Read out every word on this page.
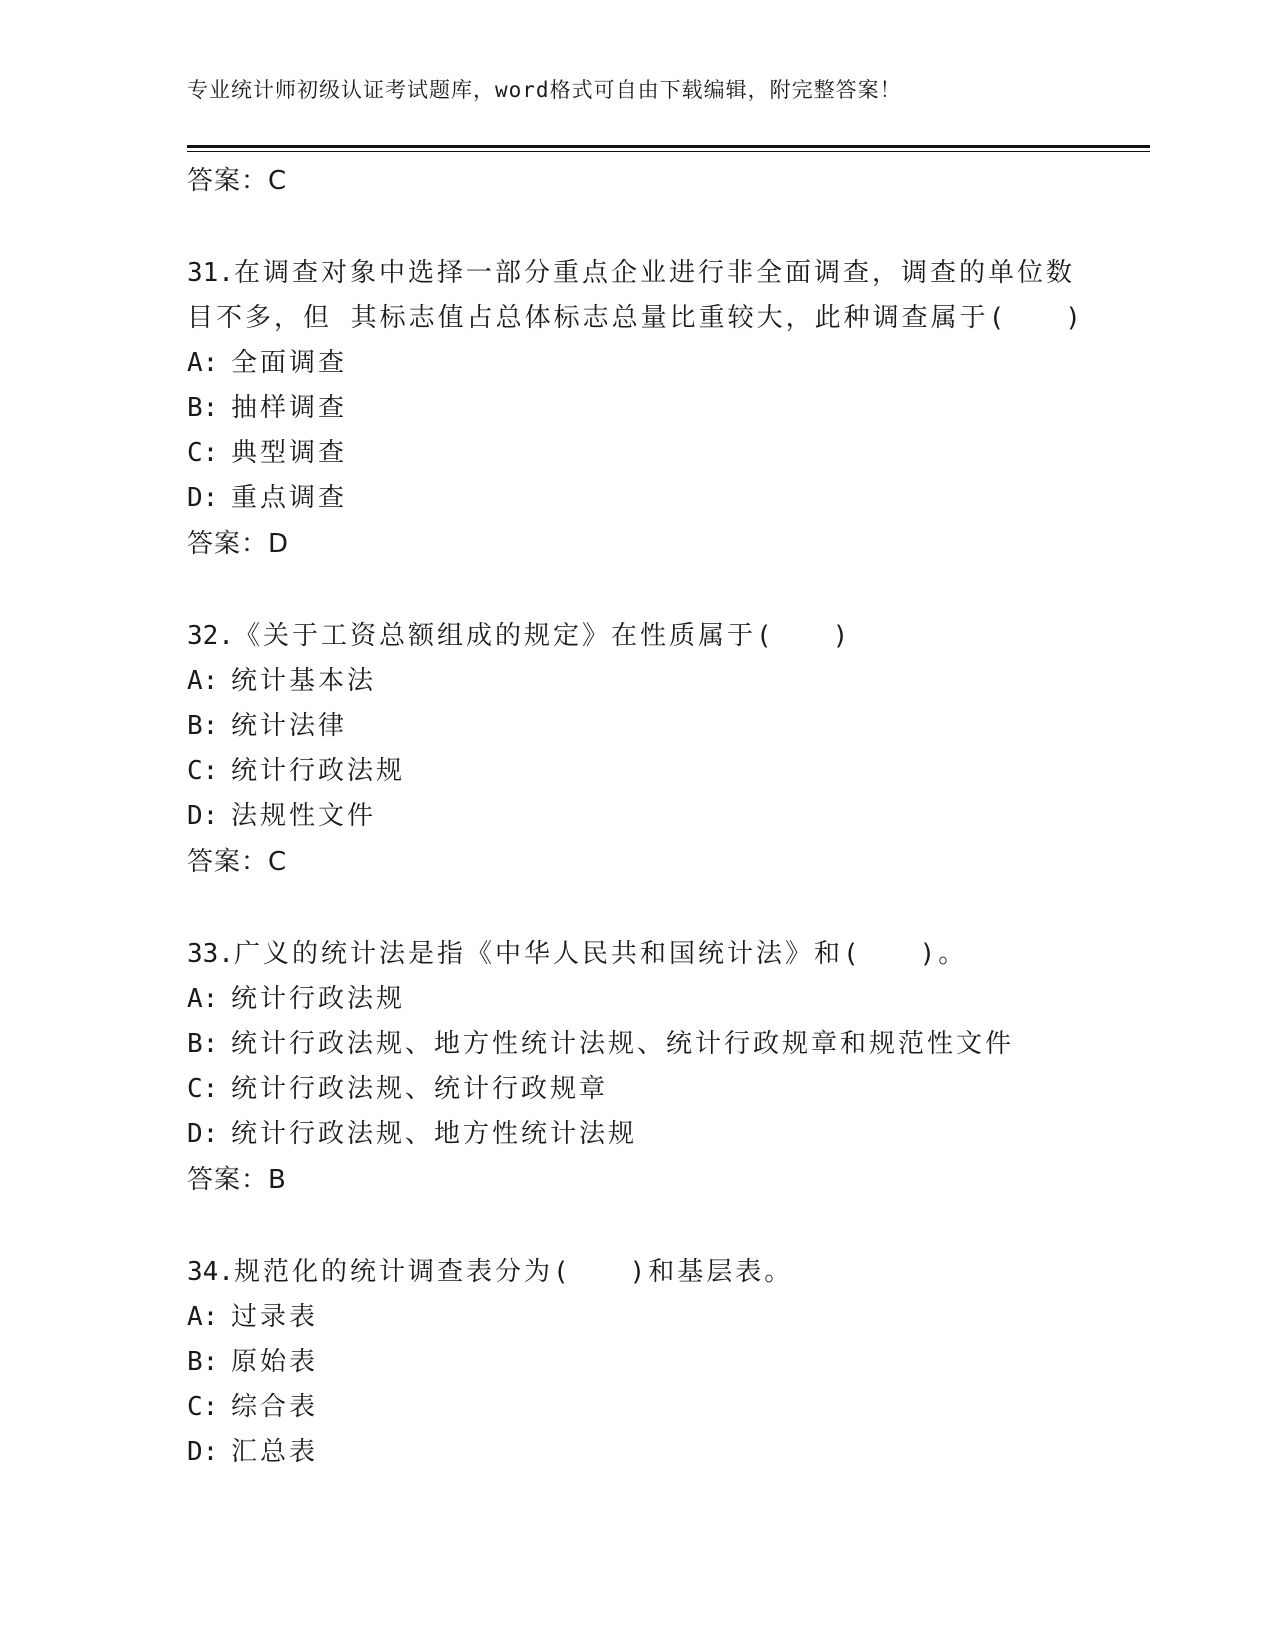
专业统计师初级认证考试题库，word格式可自由下载编辑，附完整答案！
答案：C
31.在调查对象中选择一部分重点企业进行非全面调查，调查的单位数
目不多，但 其标志值占总体标志总量比重较大，此种调查属于(　　)
A: 全面调查
B: 抽样调查
C: 典型调查
D: 重点调查
答案：D
32.《关于工资总额组成的规定》在性质属于(　　)
A: 统计基本法
B: 统计法律
C: 统计行政法规
D: 法规性文件
答案：C
33.广义的统计法是指《中华人民共和国统计法》和(　　)。
A: 统计行政法规
B: 统计行政法规、地方性统计法规、统计行政规章和规范性文件
C: 统计行政法规、统计行政规章
D: 统计行政法规、地方性统计法规
答案：B
34.规范化的统计调查表分为(　　)和基层表。
A: 过录表
B: 原始表
C: 综合表
D: 汇总表
